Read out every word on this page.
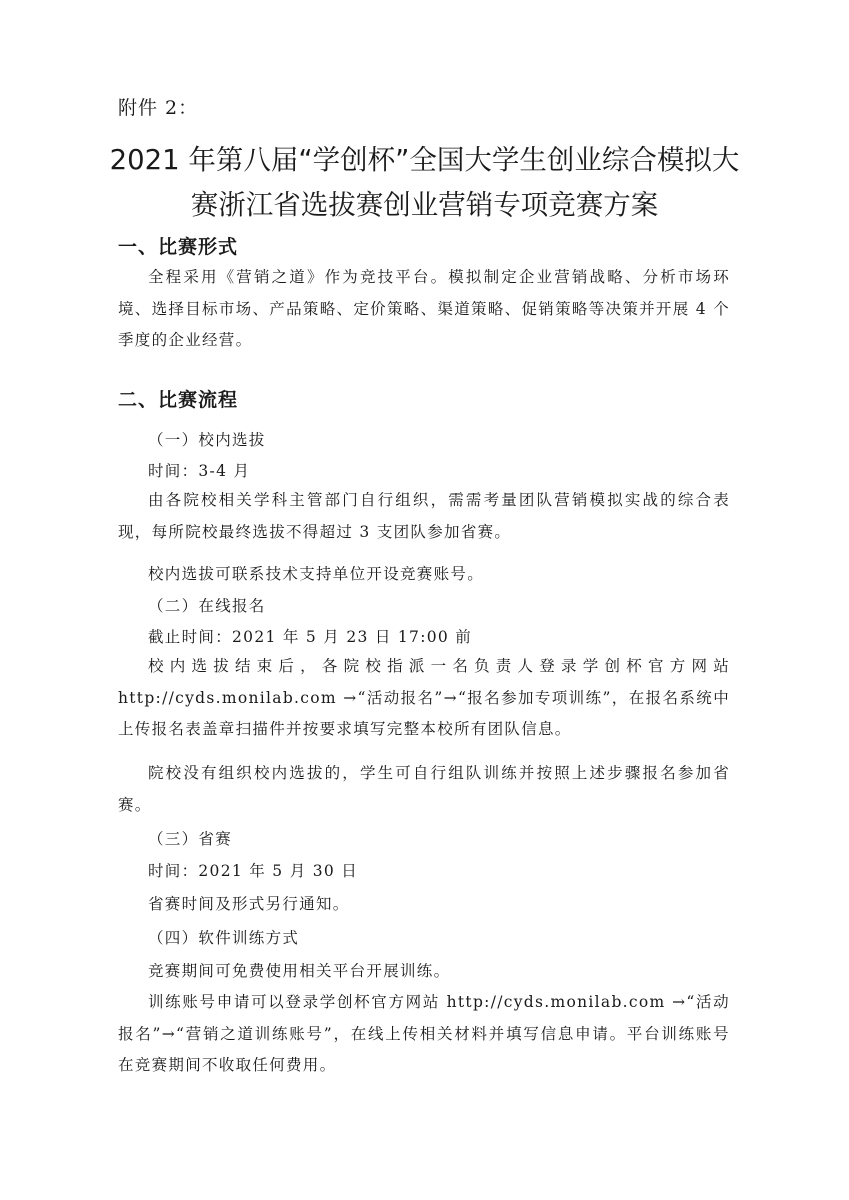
附件 2：
2021 年第八届“学创杯”全国大学生创业综合模拟大
赛浙江省选拔赛创业营销专项竞赛方案
一、比赛形式
全程采用《营销之道》作为竞技平台。模拟制定企业营销战略、分析市场环境、选择目标市场、产品策略、定价策略、渠道策略、促销策略等决策并开展 4 个季度的企业经营。
二、比赛流程
（一）校内选拔
时间：3-4 月
由各院校相关学科主管部门自行组织，需需考量团队营销模拟实战的综合表现，每所院校最终选拔不得超过 3 支团队参加省赛。
校内选拔可联系技术支持单位开设竞赛账号。
（二）在线报名
截止时间：2021 年 5 月 23 日 17:00 前
校内选拔结束后，各院校指派一名负责人登录学创杯官方网站 http://cyds.monilab.com →“活动报名”→“报名参加专项训练”，在报名系统中上传报名表盖章扫描件并按要求填写完整本校所有团队信息。
院校没有组织校内选拔的，学生可自行组队训练并按照上述步骤报名参加省赛。
（三）省赛
时间：2021 年 5 月 30 日
省赛时间及形式另行通知。
（四）软件训练方式
竞赛期间可免费使用相关平台开展训练。
训练账号申请可以登录学创杯官方网站 http://cyds.monilab.com →“活动报名”→“营销之道训练账号”，在线上传相关材料并填写信息申请。平台训练账号在竞赛期间不收取任何费用。
